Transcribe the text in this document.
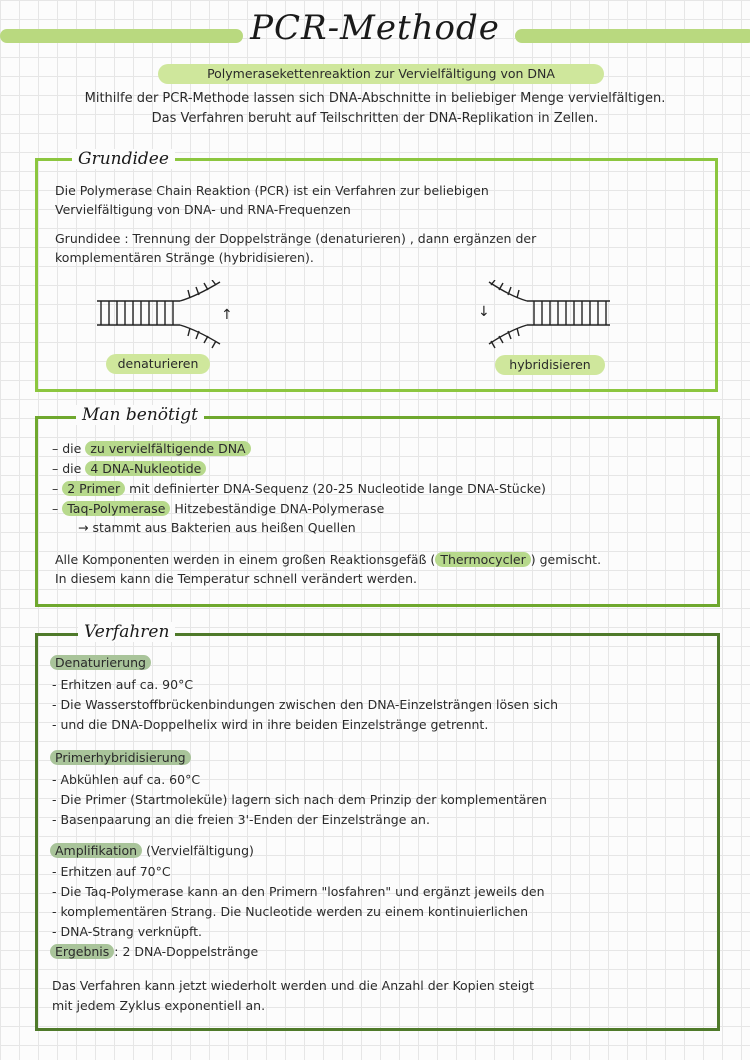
PCR-Methode
Polymerasekettenreaktion zur Vervielfältigung von DNA
Mithilfe der PCR-Methode lassen sich DNA-Abschnitte in beliebiger Menge vervielfältigen.
Das Verfahren beruht auf Teilschritten der DNA-Replikation in Zellen.
Grundidee
Die Polymerase Chain Reaktion (PCR) ist ein Verfahren zur beliebigen
Vervielfältigung von DNA- und RNA-Frequenzen
Grundidee : Trennung der Doppelstränge (denaturieren) , dann ergänzen der
komplementären Stränge (hybridisieren).
↑	↓
denaturieren	hybridisieren
Man benötigt
– die zu vervielfältigende DNA
– die 4 DNA-Nukleotide
– 2 Primer mit definierter DNA-Sequenz (20-25 Nucleotide lange DNA-Stücke)
– Taq-Polymerase Hitzebeständige DNA-Polymerase
→ stammt aus Bakterien aus heißen Quellen
Alle Komponenten werden in einem großen Reaktionsgefäß ( Thermocycler ) gemischt.
In diesem kann die Temperatur schnell verändert werden.
Verfahren
Denaturierung
- Erhitzen auf ca. 90°C
- Die Wasserstoffbrückenbindungen zwischen den DNA-Einzelsträngen lösen sich
- und die DNA-Doppelhelix wird in ihre beiden Einzelstränge getrennt.
Primerhybridisierung
- Abkühlen auf ca. 60°C
- Die Primer (Startmoleküle) lagern sich nach dem Prinzip der komplementären
- Basenpaarung an die freien 3'-Enden der Einzelstränge an.
Amplifikation (Vervielfältigung)
- Erhitzen auf 70°C
- Die Taq-Polymerase kann an den Primern "losfahren" und ergänzt jeweils den
- komplementären Strang. Die Nucleotide werden zu einem kontinuierlichen
- DNA-Strang verknüpft.
Ergebnis : 2 DNA-Doppelstränge
Das Verfahren kann jetzt wiederholt werden und die Anzahl der Kopien steigt
mit jedem Zyklus exponentiell an.
